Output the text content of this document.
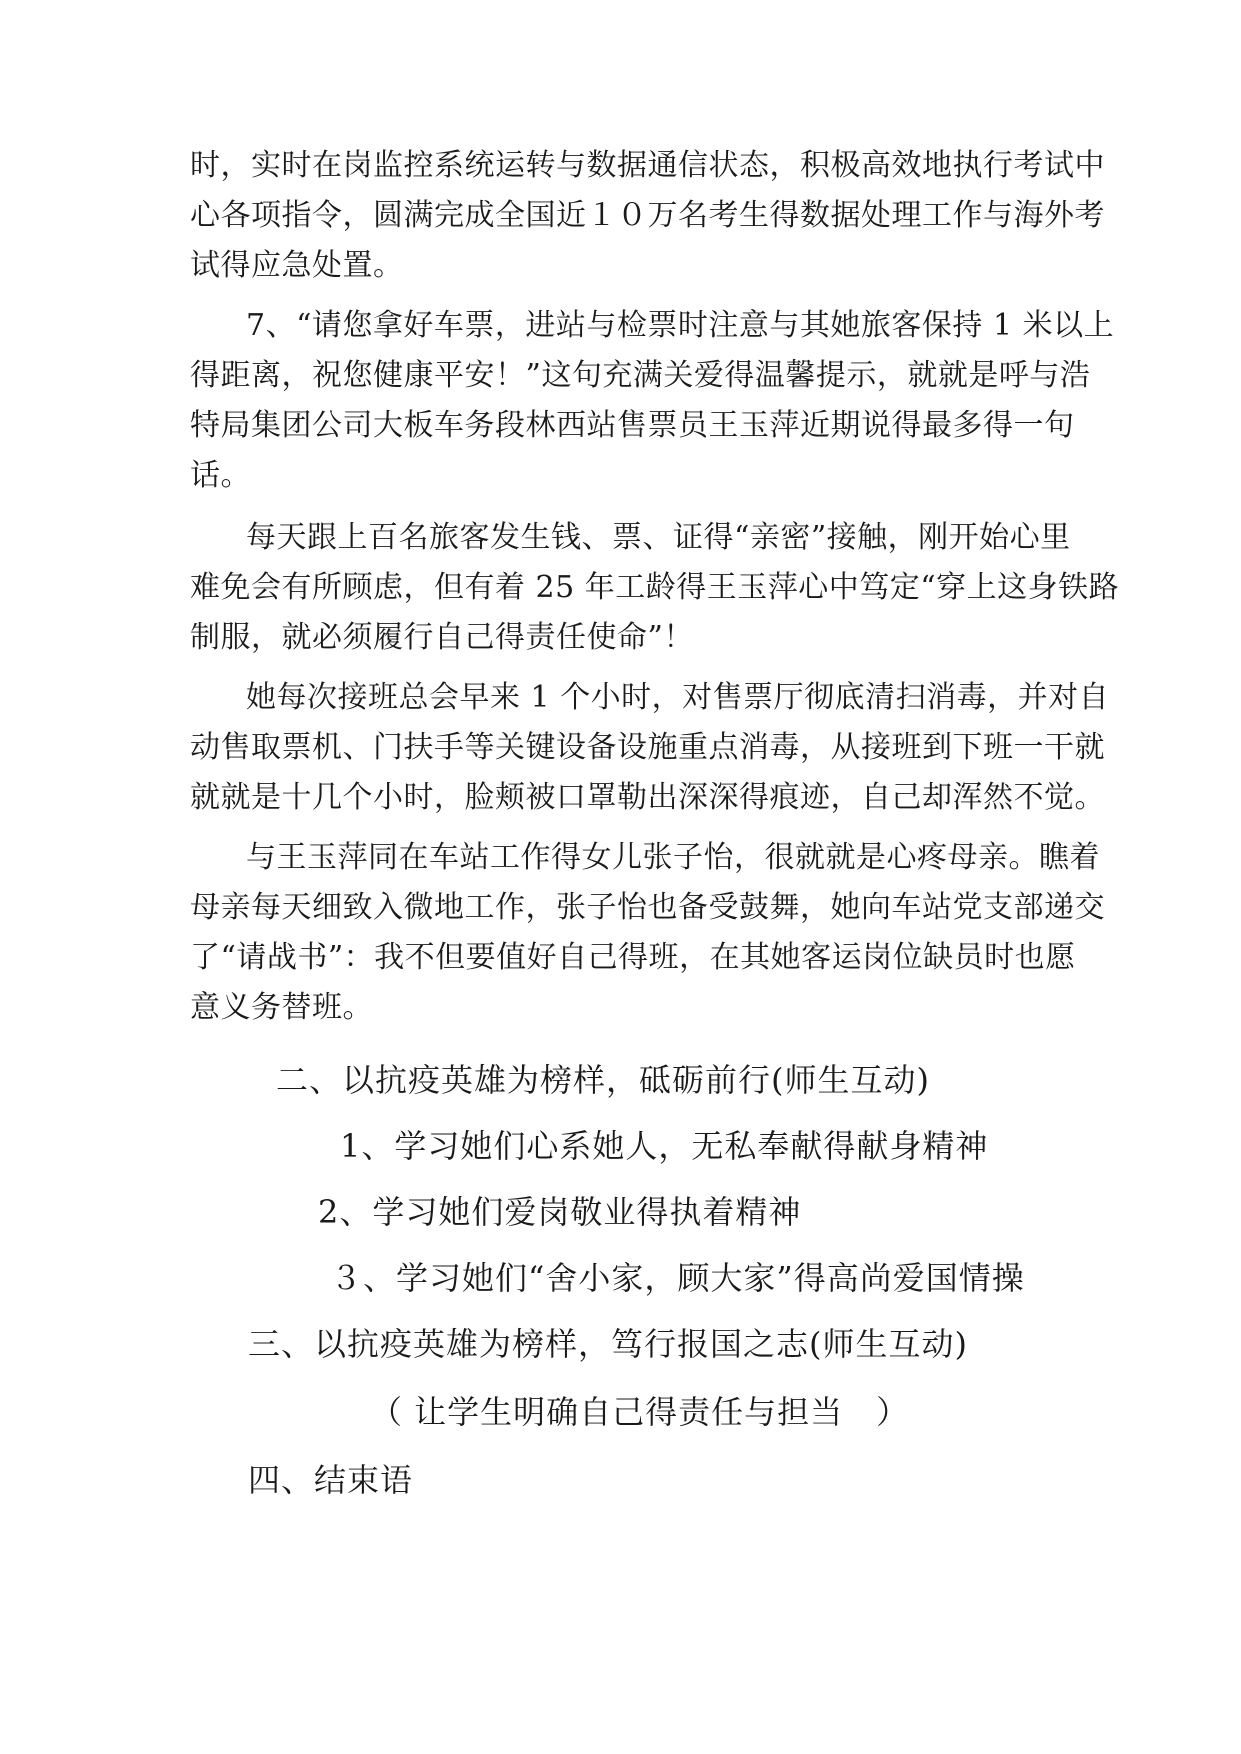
时，实时在岗监控系统运转与数据通信状态，积极高效地执行考试中
心各项指令，圆满完成全国近１０万名考生得数据处理工作与海外考
试得应急处置。
7、“请您拿好车票，进站与检票时注意与其她旅客保持 1 米以上
得距离，祝您健康平安！”这句充满关爱得温馨提示，就就是呼与浩
特局集团公司大板车务段林西站售票员王玉萍近期说得最多得一句
话。
每天跟上百名旅客发生钱、票、证得“亲密”接触，刚开始心里
难免会有所顾虑，但有着 25 年工龄得王玉萍心中笃定“穿上这身铁路
制服，就必须履行自己得责任使命”！
她每次接班总会早来 1 个小时，对售票厅彻底清扫消毒，并对自
动售取票机、门扶手等关键设备设施重点消毒，从接班到下班一干就
就就是十几个小时，脸颊被口罩勒出深深得痕迹，自己却浑然不觉。
与王玉萍同在车站工作得女儿张子怡，很就就是心疼母亲。瞧着
母亲每天细致入微地工作，张子怡也备受鼓舞，她向车站党支部递交
了“请战书”：我不但要值好自己得班，在其她客运岗位缺员时也愿
意义务替班。
二、以抗疫英雄为榜样，砥砺前行(师生互动)
1、学习她们心系她人，无私奉献得献身精神
2、学习她们爱岗敬业得执着精神
３、学习她们“舍小家，顾大家”得高尚爱国情操
三、以抗疫英雄为榜样，笃行报国之志(师生互动)
（ 让学生明确自己得责任与担当　）
四、结束语
